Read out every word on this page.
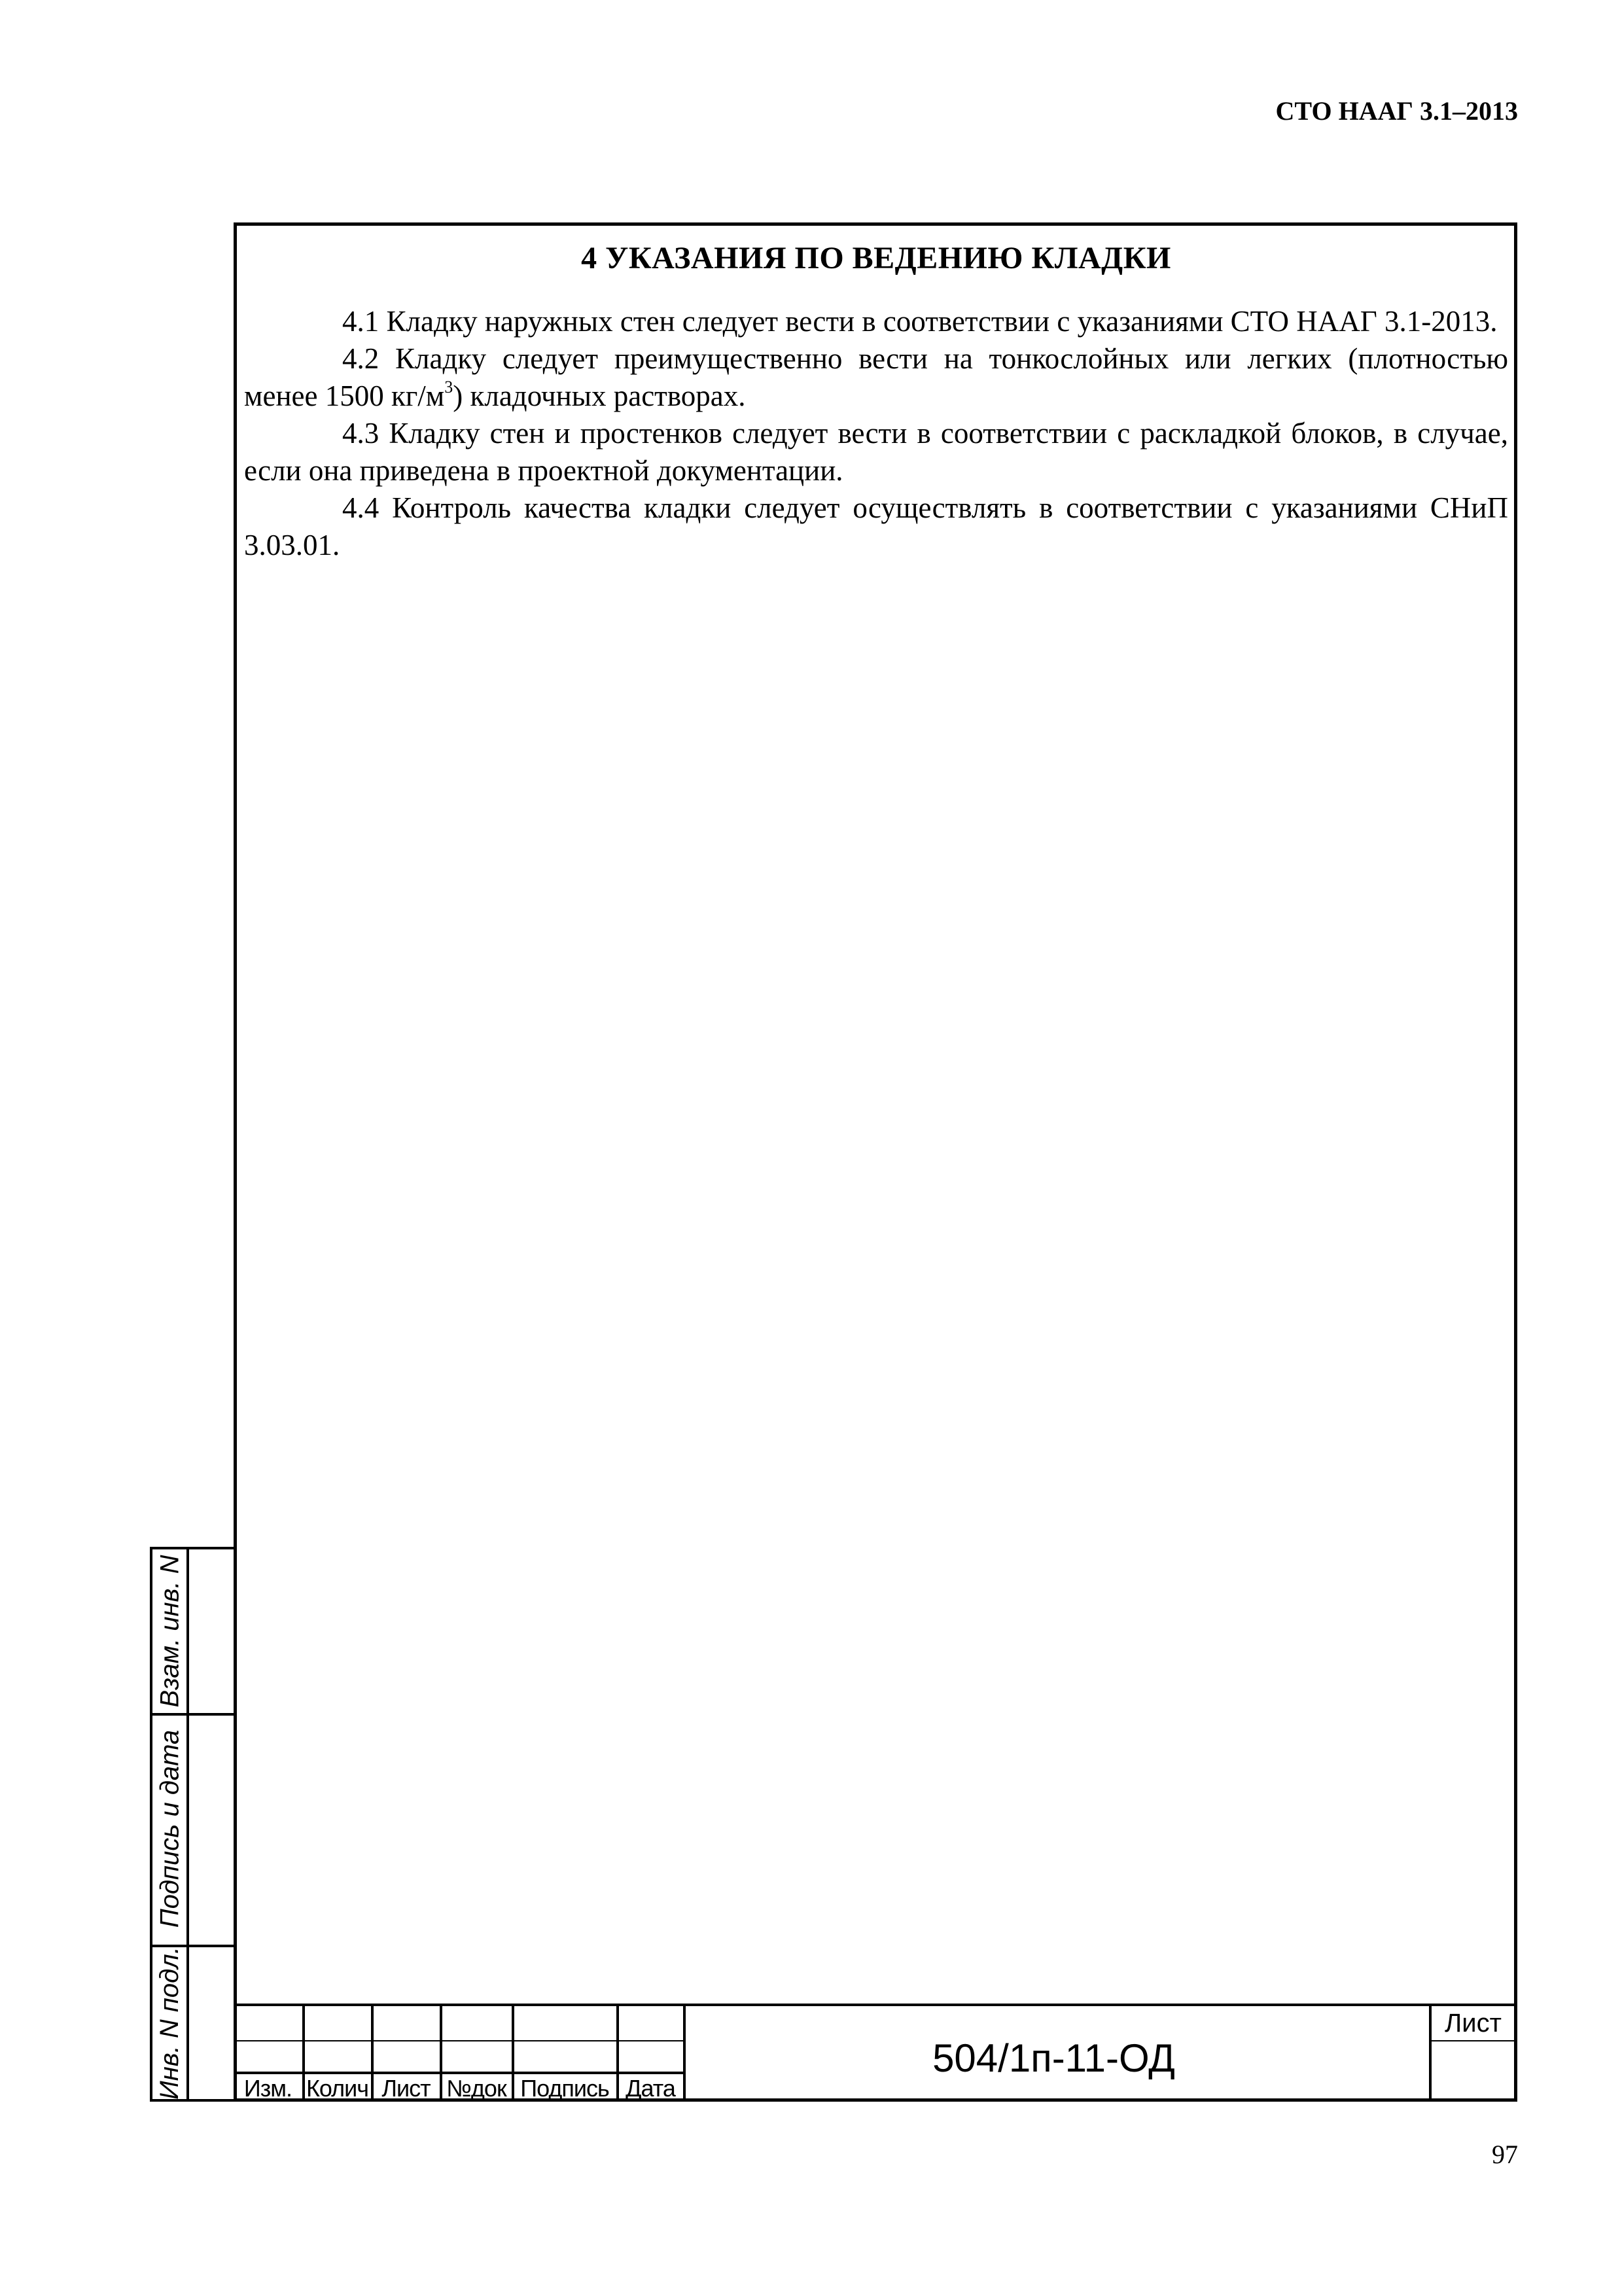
СТО НААГ 3.1–2013
4 УКАЗАНИЯ ПО ВЕДЕНИЮ КЛАДКИ

4.1 Кладку наружных стен следует вести в соответствии с указаниями СТО НААГ 3.1-2013.

4.2 Кладку следует преимущественно вести на тонкослойных или легких (плотностью менее 1500 $кг/м^3$) кладочных растворах.

4.3 Кладку стен и простенков следует вести в соответствии с раскладкой блоков, в случае, если она приведена в проектной документации.

4.4 Контроль качества кладки следует осуществлять в соответствии с указаниями СНиП 3.03.01.

Взам. инв. N
Подпись и дата
Инв. N подл.	Изм. Колич Лист №док Подпись Дата
504/1п-11-ОД
Лист
97
